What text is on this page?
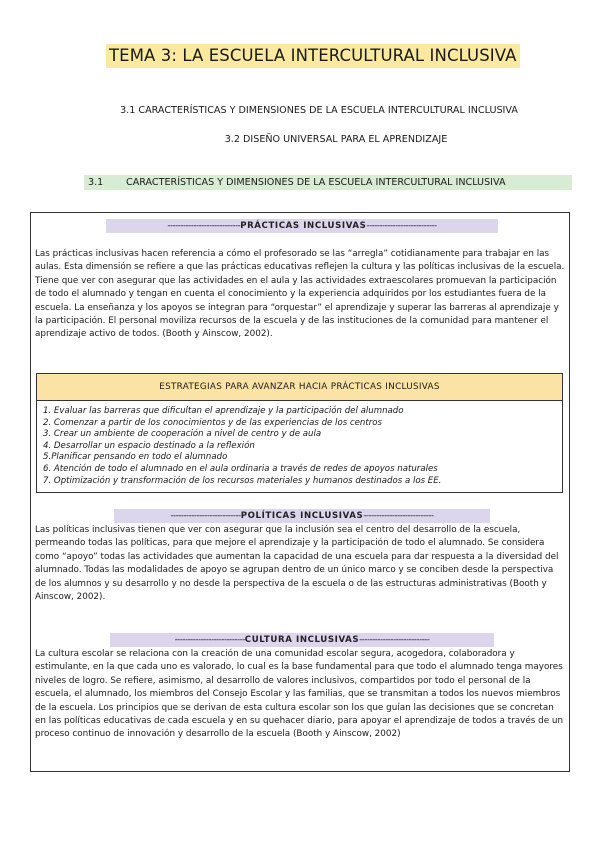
TEMA 3: LA ESCUELA INTERCULTURAL INCLUSIVA
3.1 CARACTERÍSTICAS Y DIMENSIONES DE LA ESCUELA INTERCULTURAL INCLUSIVA
3.2 DISEÑO UNIVERSAL PARA EL APRENDIZAJE
3.1 CARACTERÍSTICAS Y DIMENSIONES DE LA ESCUELA INTERCULTURAL INCLUSIVA
----------------------------PRÁCTICAS INCLUSIVAS---------------------------
Las prácticas inclusivas hacen referencia a cómo el profesorado se las “arregla” cotidianamente para trabajar en las aulas. Esta dimensión se refiere a que las prácticas educativas reflejen la cultura y las políticas inclusivas de la escuela. Tiene que ver con asegurar que las actividades en el aula y las actividades extraescolares promuevan la participación de todo el alumnado y tengan en cuenta el conocimiento y la experiencia adquiridos por los estudiantes fuera de la escuela. La enseñanza y los apoyos se integran para “orquestar” el aprendizaje y superar las barreras al aprendizaje y la participación. El personal moviliza recursos de la escuela y de las instituciones de la comunidad para mantener el aprendizaje activo de todos. (Booth y Ainscow, 2002).
ESTRATEGIAS PARA AVANZAR HACIA PRÁCTICAS INCLUSIVAS
1. Evaluar las barreras que dificultan el aprendizaje y la participación del alumnado
2. Comenzar a partir de los conocimientos y de las experiencias de los centros
3. Crear un ambiente de cooperación a nivel de centro y de aula
4. Desarrollar un espacio destinado a la reflexión
5.Planificar pensando en todo el alumnado
6. Atención de todo el alumnado en el aula ordinaria a través de redes de apoyos naturales
7. Optimización y transformación de los recursos materiales y humanos destinados a los EE.
---------------------------POLÍTICAS INCLUSIVAS---------------------------
Las políticas inclusivas tienen que ver con asegurar que la inclusión sea el centro del desarrollo de la escuela, permeando todas las políticas, para que mejore el aprendizaje y la participación de todo el alumnado. Se considera como “apoyo” todas las actividades que aumentan la capacidad de una escuela para dar respuesta a la diversidad del alumnado. Todas las modalidades de apoyo se agrupan dentro de un único marco y se conciben desde la perspectiva de los alumnos y su desarrollo y no desde la perspectiva de la escuela o de las estructuras administrativas (Booth y Ainscow, 2002).
---------------------------CULTURA INCLUSIVAS---------------------------
La cultura escolar se relaciona con la creación de una comunidad escolar segura, acogedora, colaboradora y estimulante, en la que cada uno es valorado, lo cual es la base fundamental para que todo el alumnado tenga mayores niveles de logro. Se refiere, asimismo, al desarrollo de valores inclusivos, compartidos por todo el personal de la escuela, el alumnado, los miembros del Consejo Escolar y las familias, que se transmitan a todos los nuevos miembros de la escuela. Los principios que se derivan de esta cultura escolar son los que guían las decisiones que se concretan en las políticas educativas de cada escuela y en su quehacer diario, para apoyar el aprendizaje de todos a través de un proceso continuo de innovación y desarrollo de la escuela (Booth y Ainscow, 2002)
